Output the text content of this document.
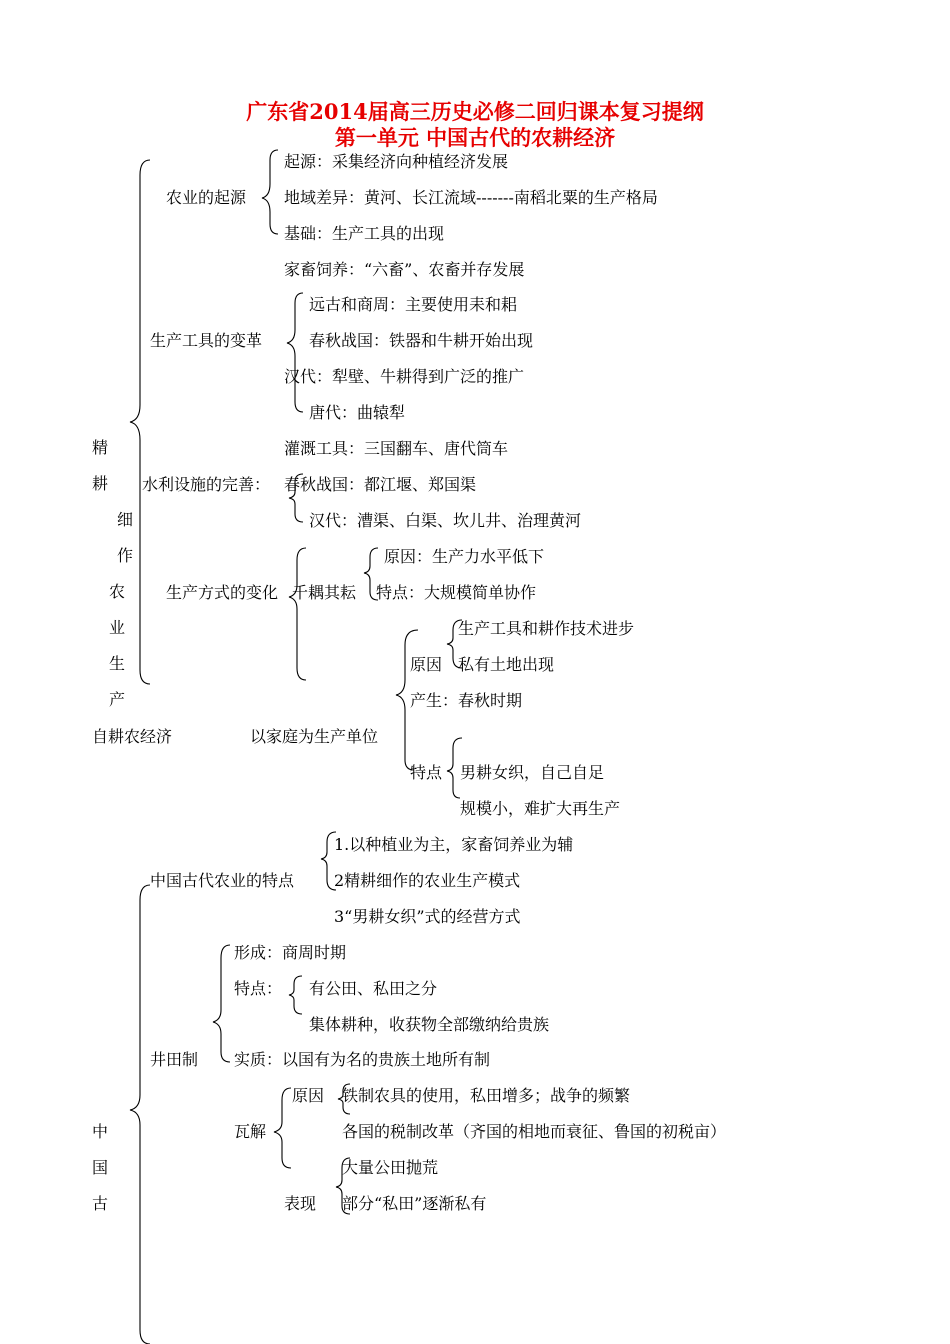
广东省2014届高三历史必修二回归课本复习提纲
第一单元 中国古代的农耕经济
精
耕
细
作
农
业
生
产
农业的起源
起源：采集经济向种植经济发展
地域差异：黄河、长江流域-------南稻北粟的生产格局
基础：生产工具的出现
家畜饲养：“六畜”、农畜并存发展
生产工具的变革
远古和商周：主要使用耒和耜
春秋战国：铁器和牛耕开始出现
汉代：犁壁、牛耕得到广泛的推广
唐代：曲辕犁
灌溉工具：三国翻车、唐代筒车
水利设施的完善： 春秋战国：都江堰、郑国渠
汉代：漕渠、白渠、坎儿井、治理黄河
生产方式的变化 千耦其耘
原因：生产力水平低下
特点：大规模简单协作
生产工具和耕作技术进步
原因 私有土地出现
产生：春秋时期
自耕农经济	以家庭为生产单位
特点 男耕女织，自己自足
规模小，难扩大再生产
1.以种植业为主，家畜饲养业为辅
中国古代农业的特点 2精耕细作的农业生产模式
3“男耕女织”式的经营方式
形成：商周时期
特点： 有公田、私田之分
集体耕种，收获物全部缴纳给贵族
井田制 实质：以国有为名的贵族土地所有制
原因 铁制农具的使用，私田增多；战争的频繁
中	瓦解	各国的税制改革（齐国的相地而衰征、鲁国的初税亩）
国	大量公田抛荒
古	表现 部分“私田”逐渐私有
